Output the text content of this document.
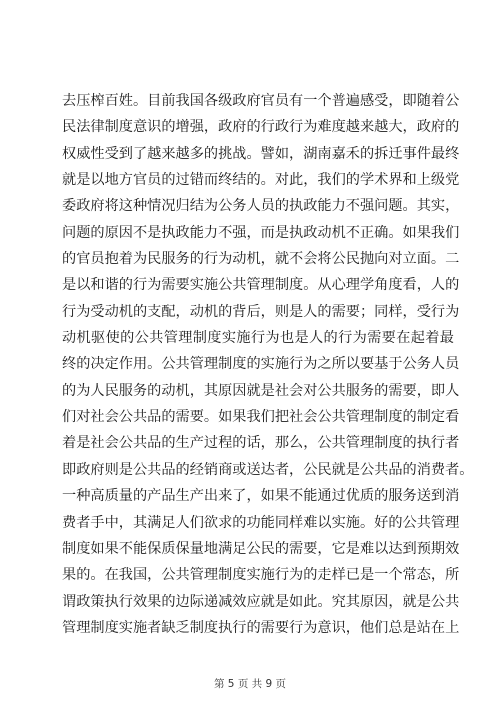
去压榨百姓。目前我国各级政府官员有一个普遍感受，即随着公
民法律制度意识的增强，政府的行政行为难度越来越大，政府的
权威性受到了越来越多的挑战。譬如，湖南嘉禾的拆迁事件最终
就是以地方官员的过错而终结的。对此，我们的学术界和上级党
委政府将这种情况归结为公务人员的执政能力不强问题。其实，
问题的原因不是执政能力不强，而是执政动机不正确。如果我们
的官员抱着为民服务的行为动机，就不会将公民抛向对立面。二
是以和谐的行为需要实施公共管理制度。从心理学角度看，人的
行为受动机的支配，动机的背后，则是人的需要；同样，受行为
动机驱使的公共管理制度实施行为也是人的行为需要在起着最
终的决定作用。公共管理制度的实施行为之所以要基于公务人员
的为人民服务的动机，其原因就是社会对公共服务的需要，即人
们对社会公共品的需要。如果我们把社会公共管理制度的制定看
着是社会公共品的生产过程的话，那么，公共管理制度的执行者
即政府则是公共品的经销商或送达者，公民就是公共品的消费者。
一种高质量的产品生产出来了，如果不能通过优质的服务送到消
费者手中，其满足人们欲求的功能同样难以实施。好的公共管理
制度如果不能保质保量地满足公民的需要，它是难以达到预期效
果的。在我国，公共管理制度实施行为的走样已是一个常态，所
谓政策执行效果的边际递减效应就是如此。究其原因，就是公共
管理制度实施者缺乏制度执行的需要行为意识，他们总是站在上
第 5 页 共 9 页
